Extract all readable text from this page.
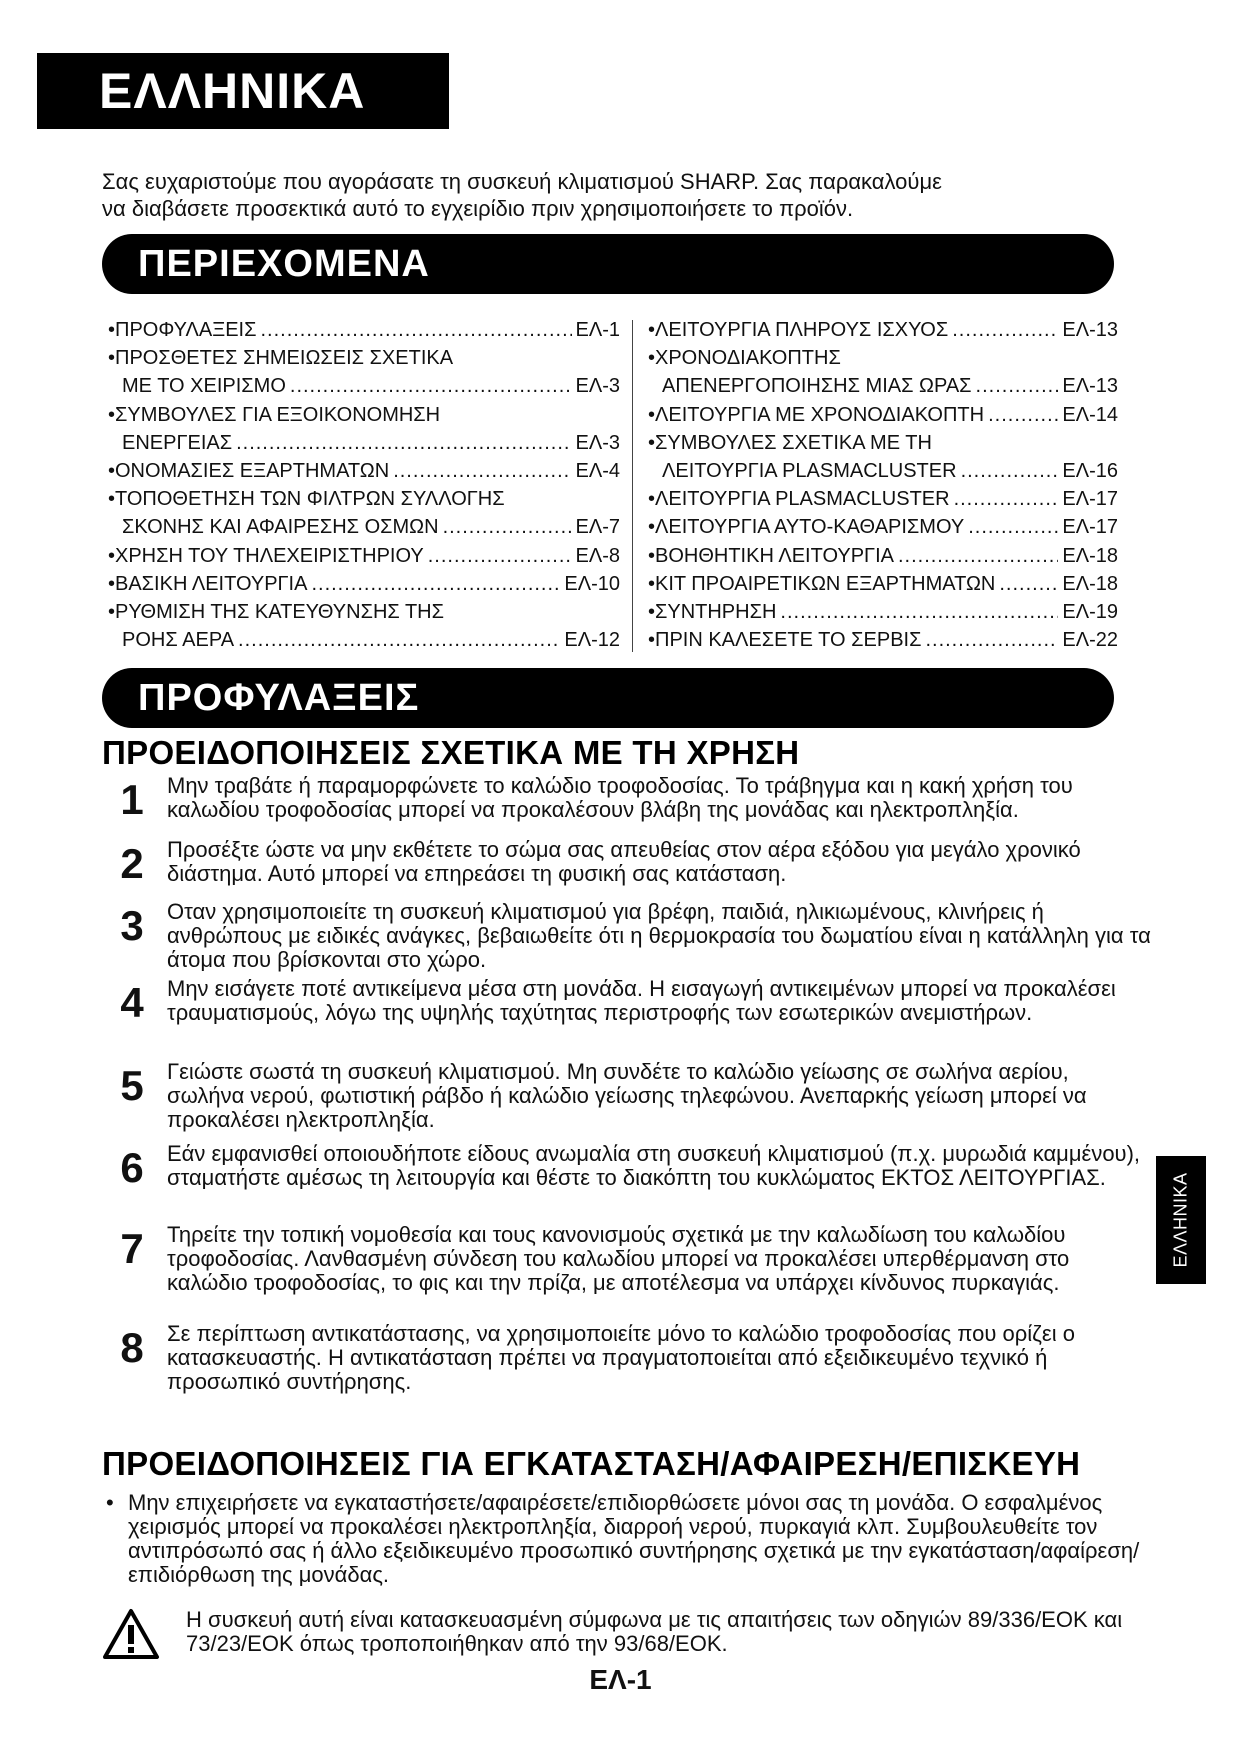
ΕΛΛΗΝΙΚΑ
Σας ευχαριστούμε που αγοράσατε τη συσκευή κλιματισμού SHARP. Σας παρακαλούμε
να διαβάσετε προσεκτικά αυτό το εγχειρίδιο πριν χρησιμοποιήσετε το προϊόν.
ΠΕΡΙΕΧΟΜΕΝΑ
•ΠΡΟΦΥΛΑΞΕΙΣ .....	ΕΛ-1
•ΠΡΟΣΘΕΤΕΣ ΣΗΜΕΙΩΣΕΙΣ ΣΧΕΤΙΚΑ
ΜΕ ΤΟ ΧΕΙΡΙΣΜΟ .....	ΕΛ-3
•ΣΥΜΒΟΥΛΕΣ ΓΙΑ ΕΞΟΙΚΟΝΟΜΗΣΗ
ΕΝΕΡΓΕΙΑΣ .....	ΕΛ-3
•ΟΝΟΜΑΣΙΕΣ ΕΞΑΡΤΗΜΑΤΩΝ .....	ΕΛ-4
•ΤΟΠΟΘΕΤΗΣΗ ΤΩΝ ΦΙΛΤΡΩΝ ΣΥΛΛΟΓΗΣ
ΣΚΟΝΗΣ ΚΑΙ ΑΦΑΙΡΕΣΗΣ ΟΣΜΩΝ .....	ΕΛ-7
•ΧΡΗΣΗ ΤΟΥ ΤΗΛΕΧΕΙΡΙΣΤΗΡΙΟΥ .....	ΕΛ-8
•ΒΑΣΙΚΗ ΛΕΙΤΟΥΡΓΙΑ .....	ΕΛ-10
•ΡΥΘΜΙΣΗ ΤΗΣ ΚΑΤΕΥΘΥΝΣΗΣ ΤΗΣ
ΡΟΗΣ ΑΕΡΑ .....	ΕΛ-12
•ΛΕΙΤΟΥΡΓΙΑ ΠΛΗΡΟΥΣ ΙΣΧΥΟΣ .....	ΕΛ-13
•ΧΡΟΝΟΔΙΑΚΟΠΤΗΣ
ΑΠΕΝΕΡΓΟΠΟΙΗΣΗΣ ΜΙΑΣ ΩΡΑΣ .....	ΕΛ-13
•ΛΕΙΤΟΥΡΓΙΑ ΜΕ ΧΡΟΝΟΔΙΑΚΟΠΤΗ .....	ΕΛ-14
•ΣΥΜΒΟΥΛΕΣ ΣΧΕΤΙΚΑ ΜΕ ΤΗ
ΛΕΙΤΟΥΡΓΙΑ PLASMACLUSTER .....	ΕΛ-16
•ΛΕΙΤΟΥΡΓΙΑ PLASMACLUSTER .....	ΕΛ-17
•ΛΕΙΤΟΥΡΓΙΑ ΑΥΤΟ-ΚΑΘΑΡΙΣΜΟΥ .....	ΕΛ-17
•ΒΟΗΘΗΤΙΚΗ ΛΕΙΤΟΥΡΓΙΑ .....	ΕΛ-18
•ΚΙΤ ΠΡΟΑΙΡΕΤΙΚΩΝ ΕΞΑΡΤΗΜΑΤΩΝ .....	ΕΛ-18
•ΣΥΝΤΗΡΗΣΗ .....	ΕΛ-19
•ΠΡΙΝ ΚΑΛΕΣΕΤΕ ΤΟ ΣΕΡΒΙΣ .....	ΕΛ-22
ΠΡΟΦΥΛΑΞΕΙΣ
ΠΡΟΕΙΔΟΠΟΙΗΣΕΙΣ ΣΧΕΤΙΚΑ ΜΕ ΤΗ ΧΡΗΣΗ
1	Μην τραβάτε ή παραμορφώνετε το καλώδιο τροφοδοσίας. Το τράβηγμα και η κακή χρήση του καλωδίου τροφοδοσίας μπορεί να προκαλέσουν βλάβη της μονάδας και ηλεκτροπληξία.
2	Προσέξτε ώστε να μην εκθέτετε το σώμα σας απευθείας στον αέρα εξόδου για μεγάλο χρονικό διάστημα. Αυτό μπορεί να επηρεάσει τη φυσική σας κατάσταση.
3	Οταν χρησιμοποιείτε τη συσκευή κλιματισμού για βρέφη, παιδιά, ηλικιωμένους, κλινήρεις ή ανθρώπους με ειδικές ανάγκες, βεβαιωθείτε ότι η θερμοκρασία του δωματίου είναι η κατάλληλη για τα άτομα που βρίσκονται στο χώρο.
4	Μην εισάγετε ποτέ αντικείμενα μέσα στη μονάδα. Η εισαγωγή αντικειμένων μπορεί να προκαλέσει τραυματισμούς, λόγω της υψηλής ταχύτητας περιστροφής των εσωτερικών ανεμιστήρων.
5	Γειώστε σωστά τη συσκευή κλιματισμού. Μη συνδέτε το καλώδιο γείωσης σε σωλήνα αερίου, σωλήνα νερού, φωτιστική ράβδο ή καλώδιο γείωσης τηλεφώνου. Ανεπαρκής γείωση μπορεί να προκαλέσει ηλεκτροπληξία.
6	Εάν εμφανισθεί οποιουδήποτε είδους ανωμαλία στη συσκευή κλιματισμού (π.χ. μυρωδιά καμμένου), σταματήστε αμέσως τη λειτουργία και θέστε το διακόπτη του κυκλώματος ΕΚΤΟΣ ΛΕΙΤΟΥΡΓΙΑΣ.
7	Τηρείτε την τοπική νομοθεσία και τους κανονισμούς σχετικά με την καλωδίωση του καλωδίου τροφοδοσίας. Λανθασμένη σύνδεση του καλωδίου μπορεί να προκαλέσει υπερθέρμανση στο καλώδιο τροφοδοσίας, το φις και την πρίζα, με αποτέλεσμα να υπάρχει κίνδυνος πυρκαγιάς.
8	Σε περίπτωση αντικατάστασης, να χρησιμοποιείτε μόνο το καλώδιο τροφοδοσίας που ορίζει ο κατασκευαστής. Η αντικατάσταση πρέπει να πραγματοποιείται από εξειδικευμένο τεχνικό ή προσωπικό συντήρησης.
ΠΡΟΕΙΔΟΠΟΙΗΣΕΙΣ ΓΙΑ ΕΓΚΑΤΑΣΤΑΣΗ/ΑΦΑΙΡΕΣΗ/ΕΠΙΣΚΕΥΗ
• Μην επιχειρήσετε να εγκαταστήσετε/αφαιρέσετε/επιδιορθώσετε μόνοι σας τη μονάδα. Ο εσφαλμένος χειρισμός μπορεί να προκαλέσει ηλεκτροπληξία, διαρροή νερού, πυρκαγιά κλπ. Συμβουλευθείτε τον αντιπρόσωπό σας ή άλλο εξειδικευμένο προσωπικό συντήρησης σχετικά με την εγκατάσταση/αφαίρεση/επιδιόρθωση της μονάδας.
Η συσκευή αυτή είναι κατασκευασμένη σύμφωνα με τις απαιτήσεις των οδηγιών 89/336/ΕΟΚ και 73/23/ΕΟΚ όπως τροποποιήθηκαν από την 93/68/ΕΟΚ.
ΕΛ-1
ΕΛΛΗΝΙΚΑ
